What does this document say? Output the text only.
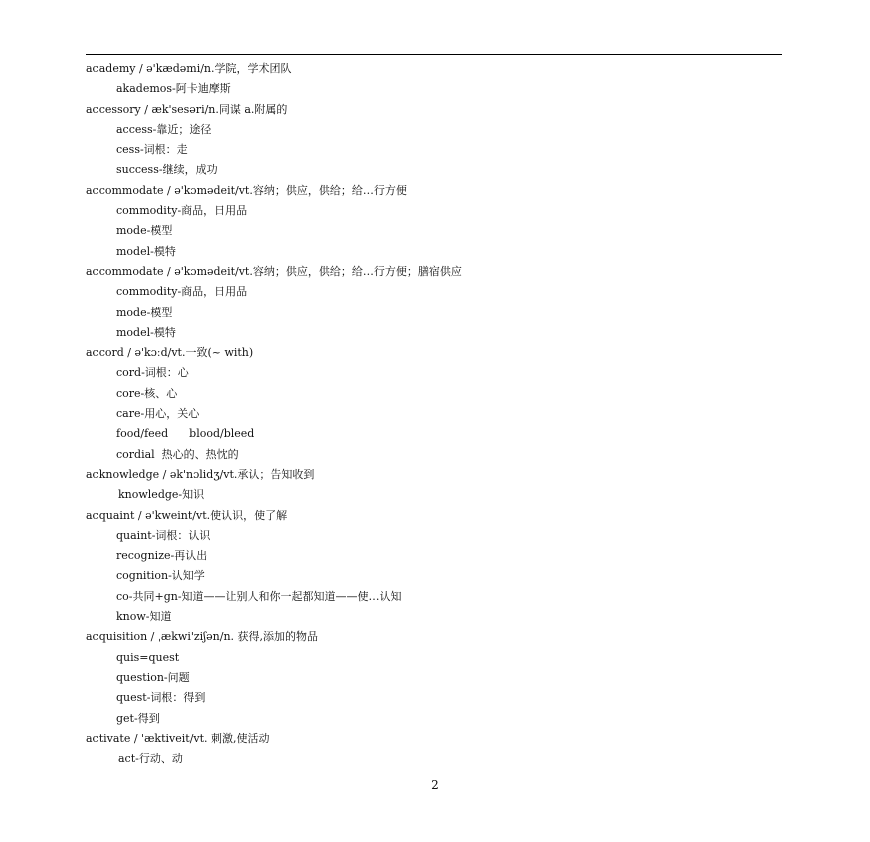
academy / ə'kædəmi/n.学院，学术团队
akademos-阿卡迪摩斯
accessory / æk'sesəri/n.同谋 a.附属的
access-靠近；途径
cess-词根：走
success-继续，成功
accommodate / ə'kɔmədeit/vt.容纳；供应，供给；给…行方便
commodity-商品，日用品
mode-模型
model-模特
accommodate / ə'kɔmədeit/vt.容纳；供应，供给；给…行方便；膳宿供应
commodity-商品，日用品
mode-模型
model-模特
accord / ə'kɔːd/vt.一致(~ with)
cord-词根：心
core-核、心
care-用心，关心
food/feed      blood/bleed
cordial  热心的、热忱的
acknowledge / ək'nɔlidʒ/vt.承认；告知收到
knowledge-知识
acquaint / ə'kweint/vt.使认识，使了解
quaint-词根：认识
recognize-再认出
cognition-认知学
co-共同+gn-知道——让别人和你一起都知道——使…认知
know-知道
acquisition / ˌækwi'ziʃən/n. 获得,添加的物品
quis=quest
question-问题
quest-词根：得到
get-得到
activate / 'æktiveit/vt. 刺激,使活动
act-行动、动
2
